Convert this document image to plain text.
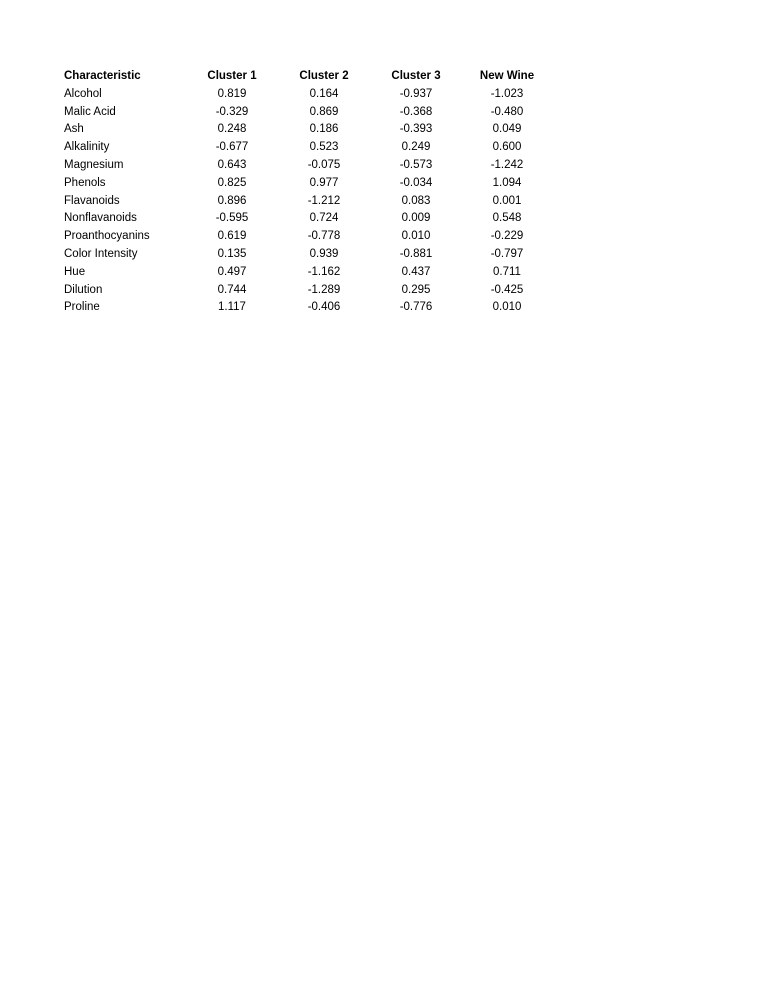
Characteristic	Cluster 1	Cluster 2	Cluster 3	New Wine
Alcohol	0.819	0.164	-0.937	-1.023
Malic Acid	-0.329	0.869	-0.368	-0.480
Ash	0.248	0.186	-0.393	0.049
Alkalinity	-0.677	0.523	0.249	0.600
Magnesium	0.643	-0.075	-0.573	-1.242
Phenols	0.825	0.977	-0.034	1.094
Flavanoids	0.896	-1.212	0.083	0.001
Nonflavanoids	-0.595	0.724	0.009	0.548
Proanthocyanins	0.619	-0.778	0.010	-0.229
Color Intensity	0.135	0.939	-0.881	-0.797
Hue	0.497	-1.162	0.437	0.711
Dilution	0.744	-1.289	0.295	-0.425
Proline	1.117	-0.406	-0.776	0.010
